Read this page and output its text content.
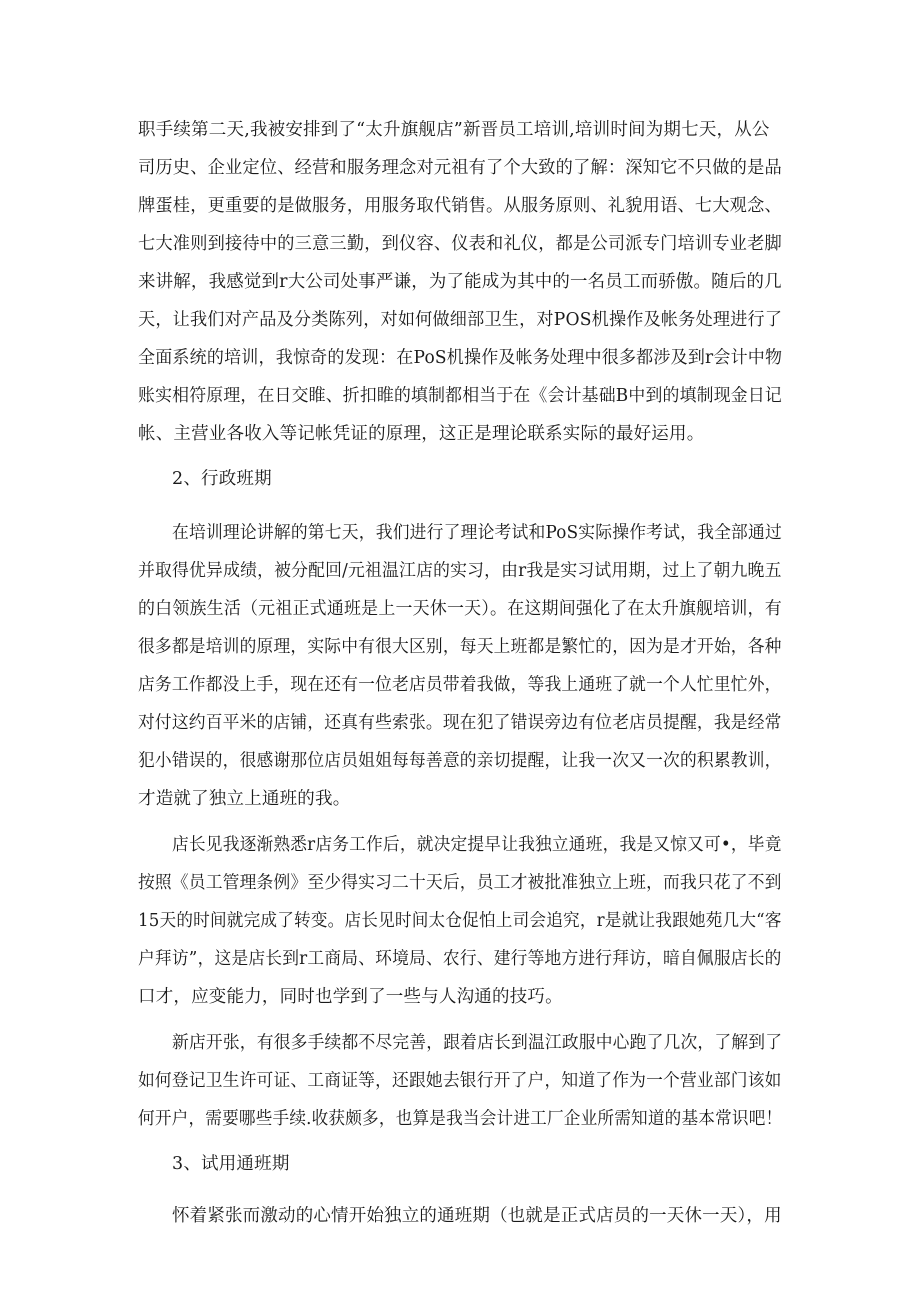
职手续第二天,我被安排到了“太升旗舰店”新晋员工培训,培训时间为期七天，从公
司历史、企业定位、经营和服务理念对元祖有了个大致的了解：深知它不只做的是品
牌蛋桂，更重要的是做服务，用服务取代销售。从服务原则、礼貌用语、七大观念、
七大准则到接待中的三意三勤，到仪容、仪表和礼仪，都是公司派专门培训专业老脚
来讲解，我感觉到r大公司处事严谦，为了能成为其中的一名员工而骄傲。随后的几
天，让我们对产品及分类陈列，对如何做细部卫生，对POS机操作及帐务处理进行了
全面系统的培训，我惊奇的发现：在PoS机操作及帐务处理中很多都涉及到r会计中物
账实相符原理，在日交睢、折扣睢的填制都相当于在《会计基础B中到的填制现金日记
帐、主营业各收入等记帐凭证的原理，这正是理论联系实际的最好运用。
2、行政班期
在培训理论讲解的第七天，我们进行了理论考试和PoS实际操作考试，我全部通过
并取得优异成绩，被分配回/元祖温江店的实习，由r我是实习试用期，过上了朝九晚五
的白领族生活（元祖正式通班是上一天休一天）。在这期间强化了在太升旗舰培训，有
很多都是培训的原理，实际中有很大区别，每天上班都是繁忙的，因为是才开始，各种
店务工作都没上手，现在还有一位老店员带着我做，等我上通班了就一个人忙里忙外，
对付这约百平米的店铺，还真有些索张。现在犯了错误旁边有位老店员提醒，我是经常
犯小错误的，很感谢那位店员姐姐每每善意的亲切提醒，让我一次又一次的积累教训，
才造就了独立上通班的我。
店长见我逐渐熟悉r店务工作后，就决定提早让我独立通班，我是又惊又可•，毕竟
按照《员工管理条例》至少得实习二十天后，员工才被批准独立上班，而我只花了不到
15天的时间就完成了转变。店长见时间太仓促怕上司会追究，r是就让我跟她苑几大“客
户拜访”，这是店长到r工商局、环境局、农行、建行等地方进行拜访，暗自佩服店长的
口才，应变能力，同时也学到了一些与人沟通的技巧。
新店开张，有很多手续都不尽完善，跟着店长到温江政服中心跑了几次，了解到了
如何登记卫生许可证、工商证等，还跟她去银行开了户，知道了作为一个营业部门该如
何开户，需要哪些手续.收获颇多，也算是我当会计进工厂企业所需知道的基本常识吧！
3、试用通班期
怀着紧张而激动的心情开始独立的通班期（也就是正式店员的一天休一天），用
